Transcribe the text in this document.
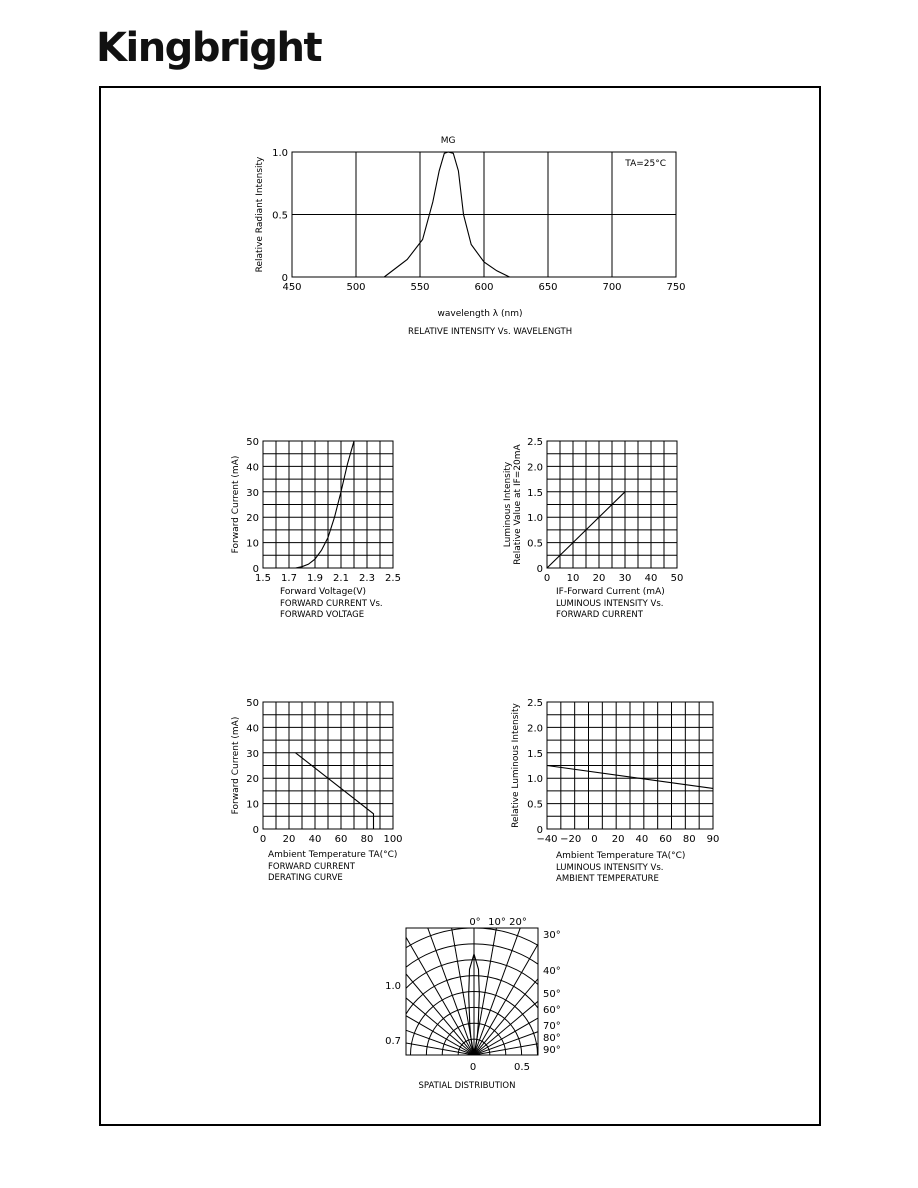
Kingbright
450	500	550	600	650	700	750
0
0.5
1.0
wavelength λ (nm)
Relative Radiant Intensity
RELATIVE INTENSITY Vs. WAVELENGTH
MG
TA=25°C
1.5 1.7 1.9 2.1 2.3 2.5
0
10
20
30
40
50
Forward Voltage(V)
Forward Current (mA)
FORWARD CURRENT Vs.
FORWARD VOLTAGE
0 10 20 30 40 50
0
0.5
1.0
1.5
2.0
2.5
IF-Forward Current (mA)
Luminous IntensityRelative Value at IF=20mA
LUMINOUS INTENSITY Vs.
FORWARD CURRENT
0 20 40 60 80 100
0
10
20
30
40
50
Ambient Temperature TA(°C)
Forward Current (mA)
FORWARD CURRENT
DERATING CURVE
−40 −20 0 20 40 60 80 90
0
0.5
1.0
1.5
2.0
2.5
Ambient Temperature TA(°C)
Relative Luminous Intensity
LUMINOUS INTENSITY Vs.
AMBIENT TEMPERATURE
0° 10° 20°
30°
40°
50°
60°
70°
80°
90°
1.0
0.7
0	0.5
SPATIAL DISTRIBUTION
